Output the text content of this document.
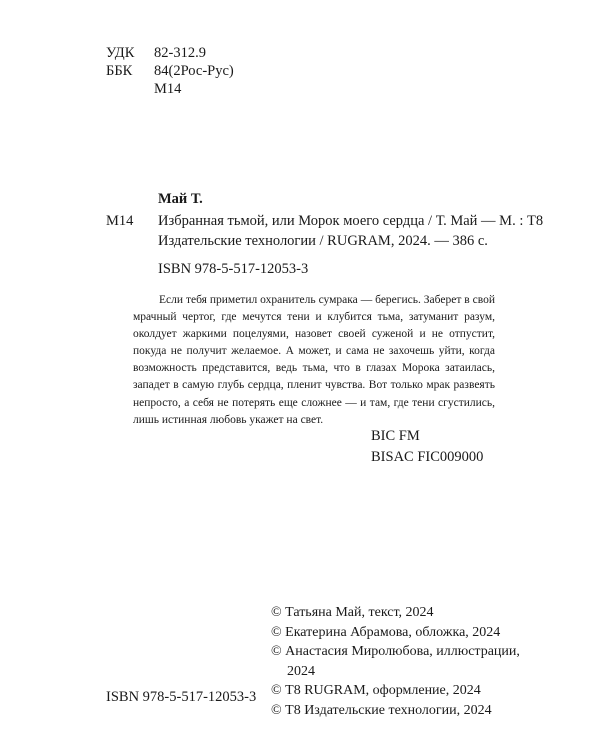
УДК 82-312.9
ББК 84(2Рос-Рус)
М14
Май Т.
М14 Избранная тьмой, или Морок моего сердца / Т. Май — М. : Т8
Издательские технологии / RUGRAM, 2024. — 386 с.
ISBN 978-5-517-12053-3
Если тебя приметил охранитель сумрака — берегись. Заберет в свой мрачный чертог, где мечутся тени и клубится тьма, затуманит разум, околдует жаркими поцелуями, назовет своей суженой и не отпустит, покуда не получит желаемое. А может, и сама не захочешь уйти, когда возможность представится, ведь тьма, что в глазах Морока затаилась, западет в самую глубь сердца, пленит чувства. Вот только мрак развеять непросто, а себя не потерять еще сложнее — и там, где тени сгустились, лишь истинная любовь укажет на свет.
BIC FM
BISAC FIC009000
ISBN 978-5-517-12053-3
© Татьяна Май, текст, 2024
© Екатерина Абрамова, обложка, 2024
© Анастасия Миролюбова, иллюстрации,
2024
© Т8 RUGRAM, оформление, 2024
© Т8 Издательские технологии, 2024
